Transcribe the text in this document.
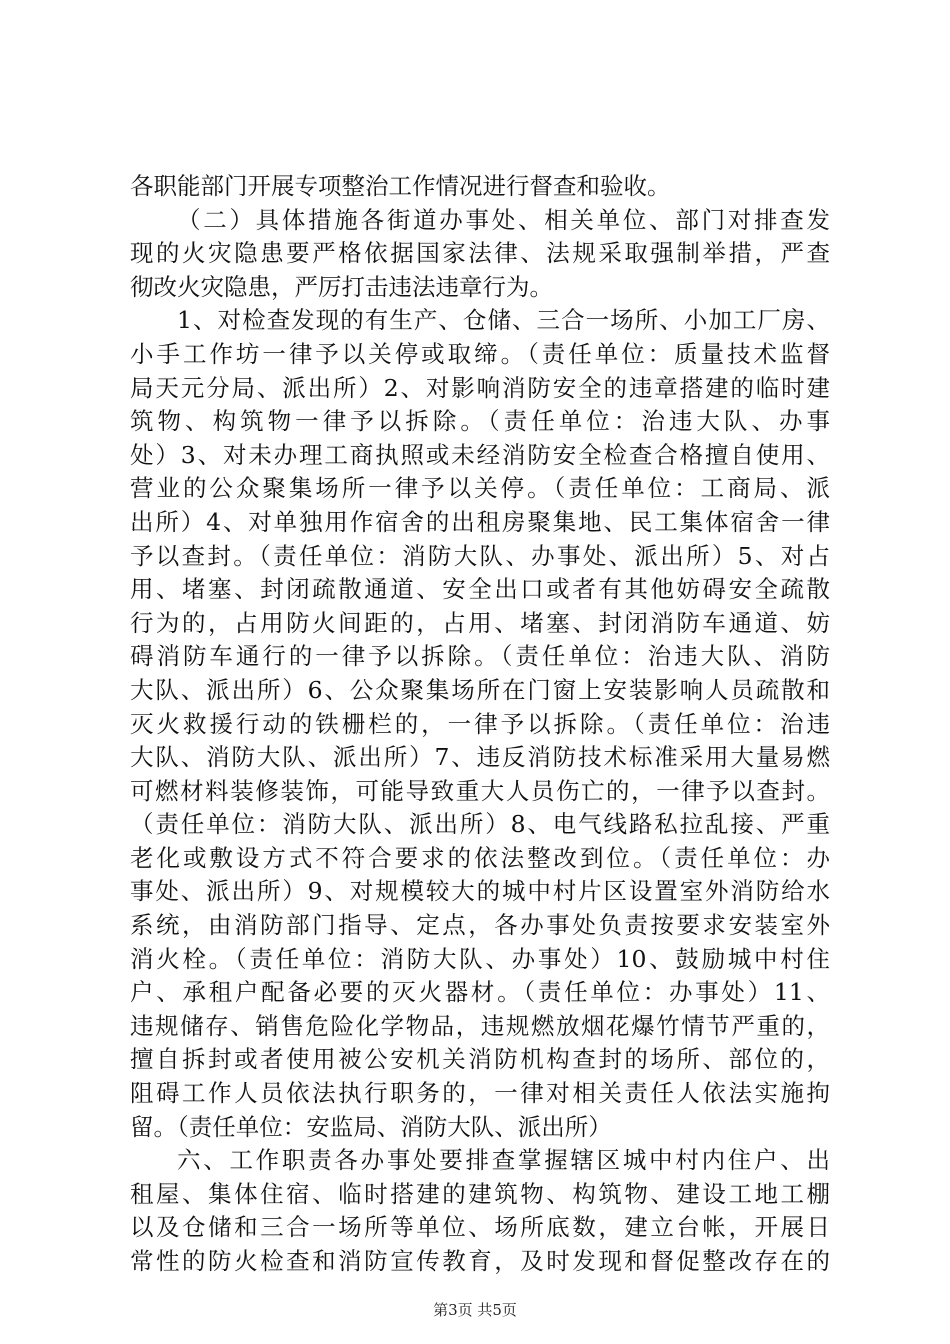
各职能部门开展专项整治工作情况进行督查和验收。
（二）具体措施各街道办事处、相关单位、部门对排查发
现的火灾隐患要严格依据国家法律、法规采取强制举措，严查
彻改火灾隐患，严厉打击违法违章行为。
1、对检查发现的有生产、仓储、三合一场所、小加工厂房、
小手工作坊一律予以关停或取缔。（责任单位：质量技术监督
局天元分局、派出所）2、对影响消防安全的违章搭建的临时建
筑物、构筑物一律予以拆除。（责任单位：治违大队、办事
处）3、对未办理工商执照或未经消防安全检查合格擅自使用、
营业的公众聚集场所一律予以关停。（责任单位：工商局、派
出所）4、对单独用作宿舍的出租房聚集地、民工集体宿舍一律
予以查封。（责任单位：消防大队、办事处、派出所）5、对占
用、堵塞、封闭疏散通道、安全出口或者有其他妨碍安全疏散
行为的，占用防火间距的，占用、堵塞、封闭消防车通道、妨
碍消防车通行的一律予以拆除。（责任单位：治违大队、消防
大队、派出所）6、公众聚集场所在门窗上安装影响人员疏散和
灭火救援行动的铁栅栏的，一律予以拆除。（责任单位：治违
大队、消防大队、派出所）7、违反消防技术标准采用大量易燃
可燃材料装修装饰，可能导致重大人员伤亡的，一律予以查封。
（责任单位：消防大队、派出所）8、电气线路私拉乱接、严重
老化或敷设方式不符合要求的依法整改到位。（责任单位：办
事处、派出所）9、对规模较大的城中村片区设置室外消防给水
系统，由消防部门指导、定点，各办事处负责按要求安装室外
消火栓。（责任单位：消防大队、办事处）10、鼓励城中村住
户、承租户配备必要的灭火器材。（责任单位：办事处）11、
违规储存、销售危险化学物品，违规燃放烟花爆竹情节严重的，
擅自拆封或者使用被公安机关消防机构查封的场所、部位的，
阻碍工作人员依法执行职务的，一律对相关责任人依法实施拘
留。（责任单位：安监局、消防大队、派出所）
六、工作职责各办事处要排查掌握辖区城中村内住户、出
租屋、集体住宿、临时搭建的建筑物、构筑物、建设工地工棚
以及仓储和三合一场所等单位、场所底数，建立台帐，开展日
常性的防火检查和消防宣传教育，及时发现和督促整改存在的
第3页 共5页
